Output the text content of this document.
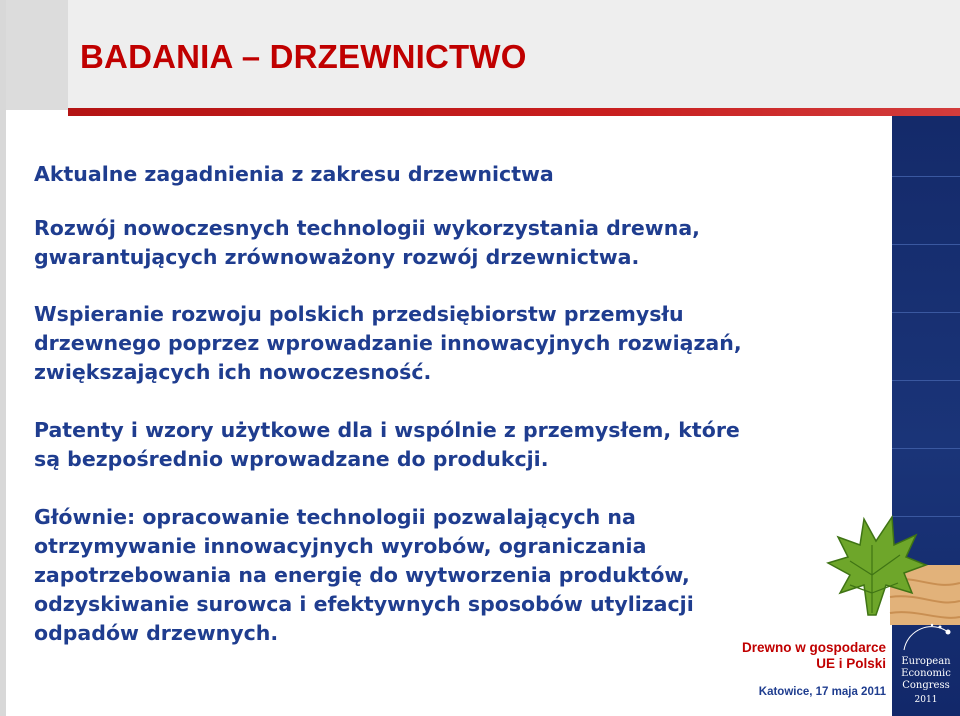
BADANIA – DRZEWNICTWO

Aktualne zagadnienia z zakresu drzewnictwa

Rozwój nowoczesnych technologii wykorzystania drewna,
gwarantujących zrównoważony rozwój drzewnictwa.

Wspieranie rozwoju polskich przedsiębiorstw przemysłu
drzewnego poprzez wprowadzanie innowacyjnych rozwiązań,
zwiększających ich nowoczesność.

Patenty i wzory użytkowe dla i wspólnie z przemysłem, które
są bezpośrednio wprowadzane do produkcji.

Głównie: opracowanie technologii pozwalających na
otrzymywanie innowacyjnych wyrobów, ograniczania
zapotrzebowania na energię do wytworzenia produktów,
odzyskiwanie surowca i efektywnych sposobów utylizacji
odpadów drzewnych.

Drewno w gospodarce

UE i Polski

Katowice, 17 maja 2011

European
Economic
Congress
2011
